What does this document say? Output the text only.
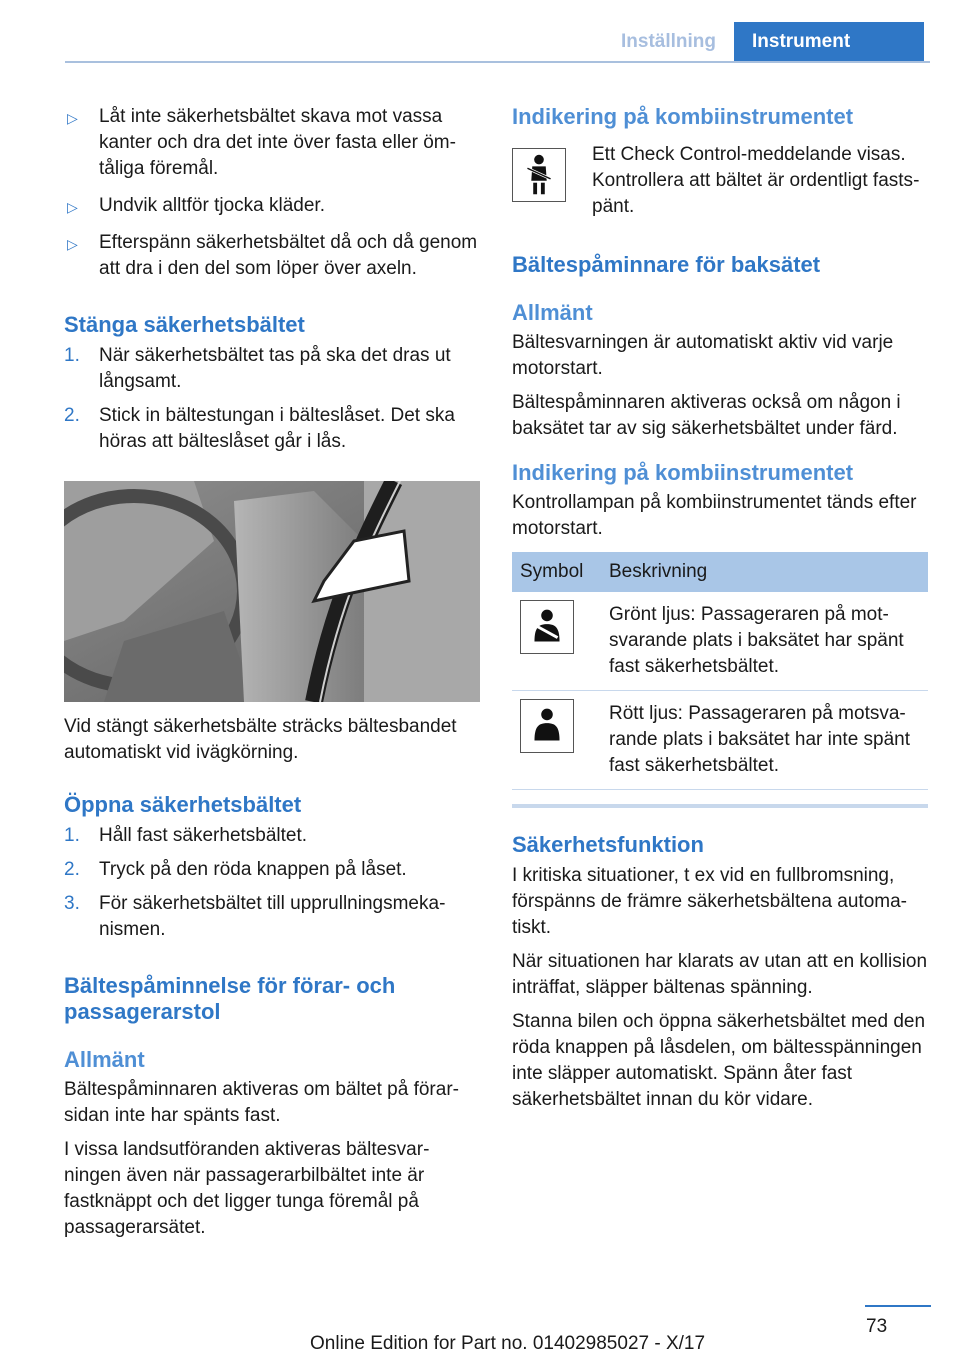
Inställning	Instrument
▷ Låt inte säkerhetsbältet skava mot vassa kanter och dra det inte över fasta eller ömtåliga föremål.
▷ Undvik alltför tjocka kläder.
▷ Efterspänn säkerhetsbältet då och då genom att dra i den del som löper över axeln.
Stänga säkerhetsbältet
1. När säkerhetsbältet tas på ska det dras ut långsamt.
2. Stick in bältestungan i bälteslåset. Det ska höras att bälteslåset går i lås.

Vid stängt säkerhetsbälte sträcks bältesbandet automatiskt vid ivägkörning.

Öppna säkerhetsbältet
1. Håll fast säkerhetsbältet.
2. Tryck på den röda knappen på låset.
3. För säkerhetsbältet till upprullningsmekanismen.
Bältespåminnelse för förar- och passagerarstol
Allmänt

Bältespåminnaren aktiveras om bältet på förarsidan inte har spänts fast.

I vissa landsutföranden aktiveras bältesvarningen även när passagerarbilbältet inte är fastknäppt och det ligger tunga föremål på passagerarsätet.

Indikering på kombiinstrumentet

Ett Check Control-meddelande visas. Kontrollera att bältet är ordentligt fastspänt.

Bältespåminnare för baksätet
Allmänt

Bältesvarningen är automatiskt aktiv vid varje motorstart.

Bältespåminnaren aktiveras också om någon i baksätet tar av sig säkerhetsbältet under färd.

Indikering på kombiinstrumentet

Kontrollampan på kombiinstrumentet tänds efter motorstart.

Symbol	Beskrivning
	Grönt ljus: Passageraren på motsvarande plats i baksätet har spänt fast säkerhetsbältet.
	Rött ljus: Passageraren på motsvarande plats i baksätet har inte spänt fast säkerhetsbältet.
Säkerhetsfunktion

I kritiska situationer, t ex vid en fullbromsning, förspänns de främre säkerhetsbältena automatiskt.

När situationen har klarats av utan att en kollision inträffat, släpper bältenas spänning.

Stanna bilen och öppna säkerhetsbältet med den röda knappen på låsdelen, om bältesspänningen inte släpper automatiskt. Spänn åter fast säkerhetsbältet innan du kör vidare.

73
Online Edition for Part no. 01402985027 - X/17
